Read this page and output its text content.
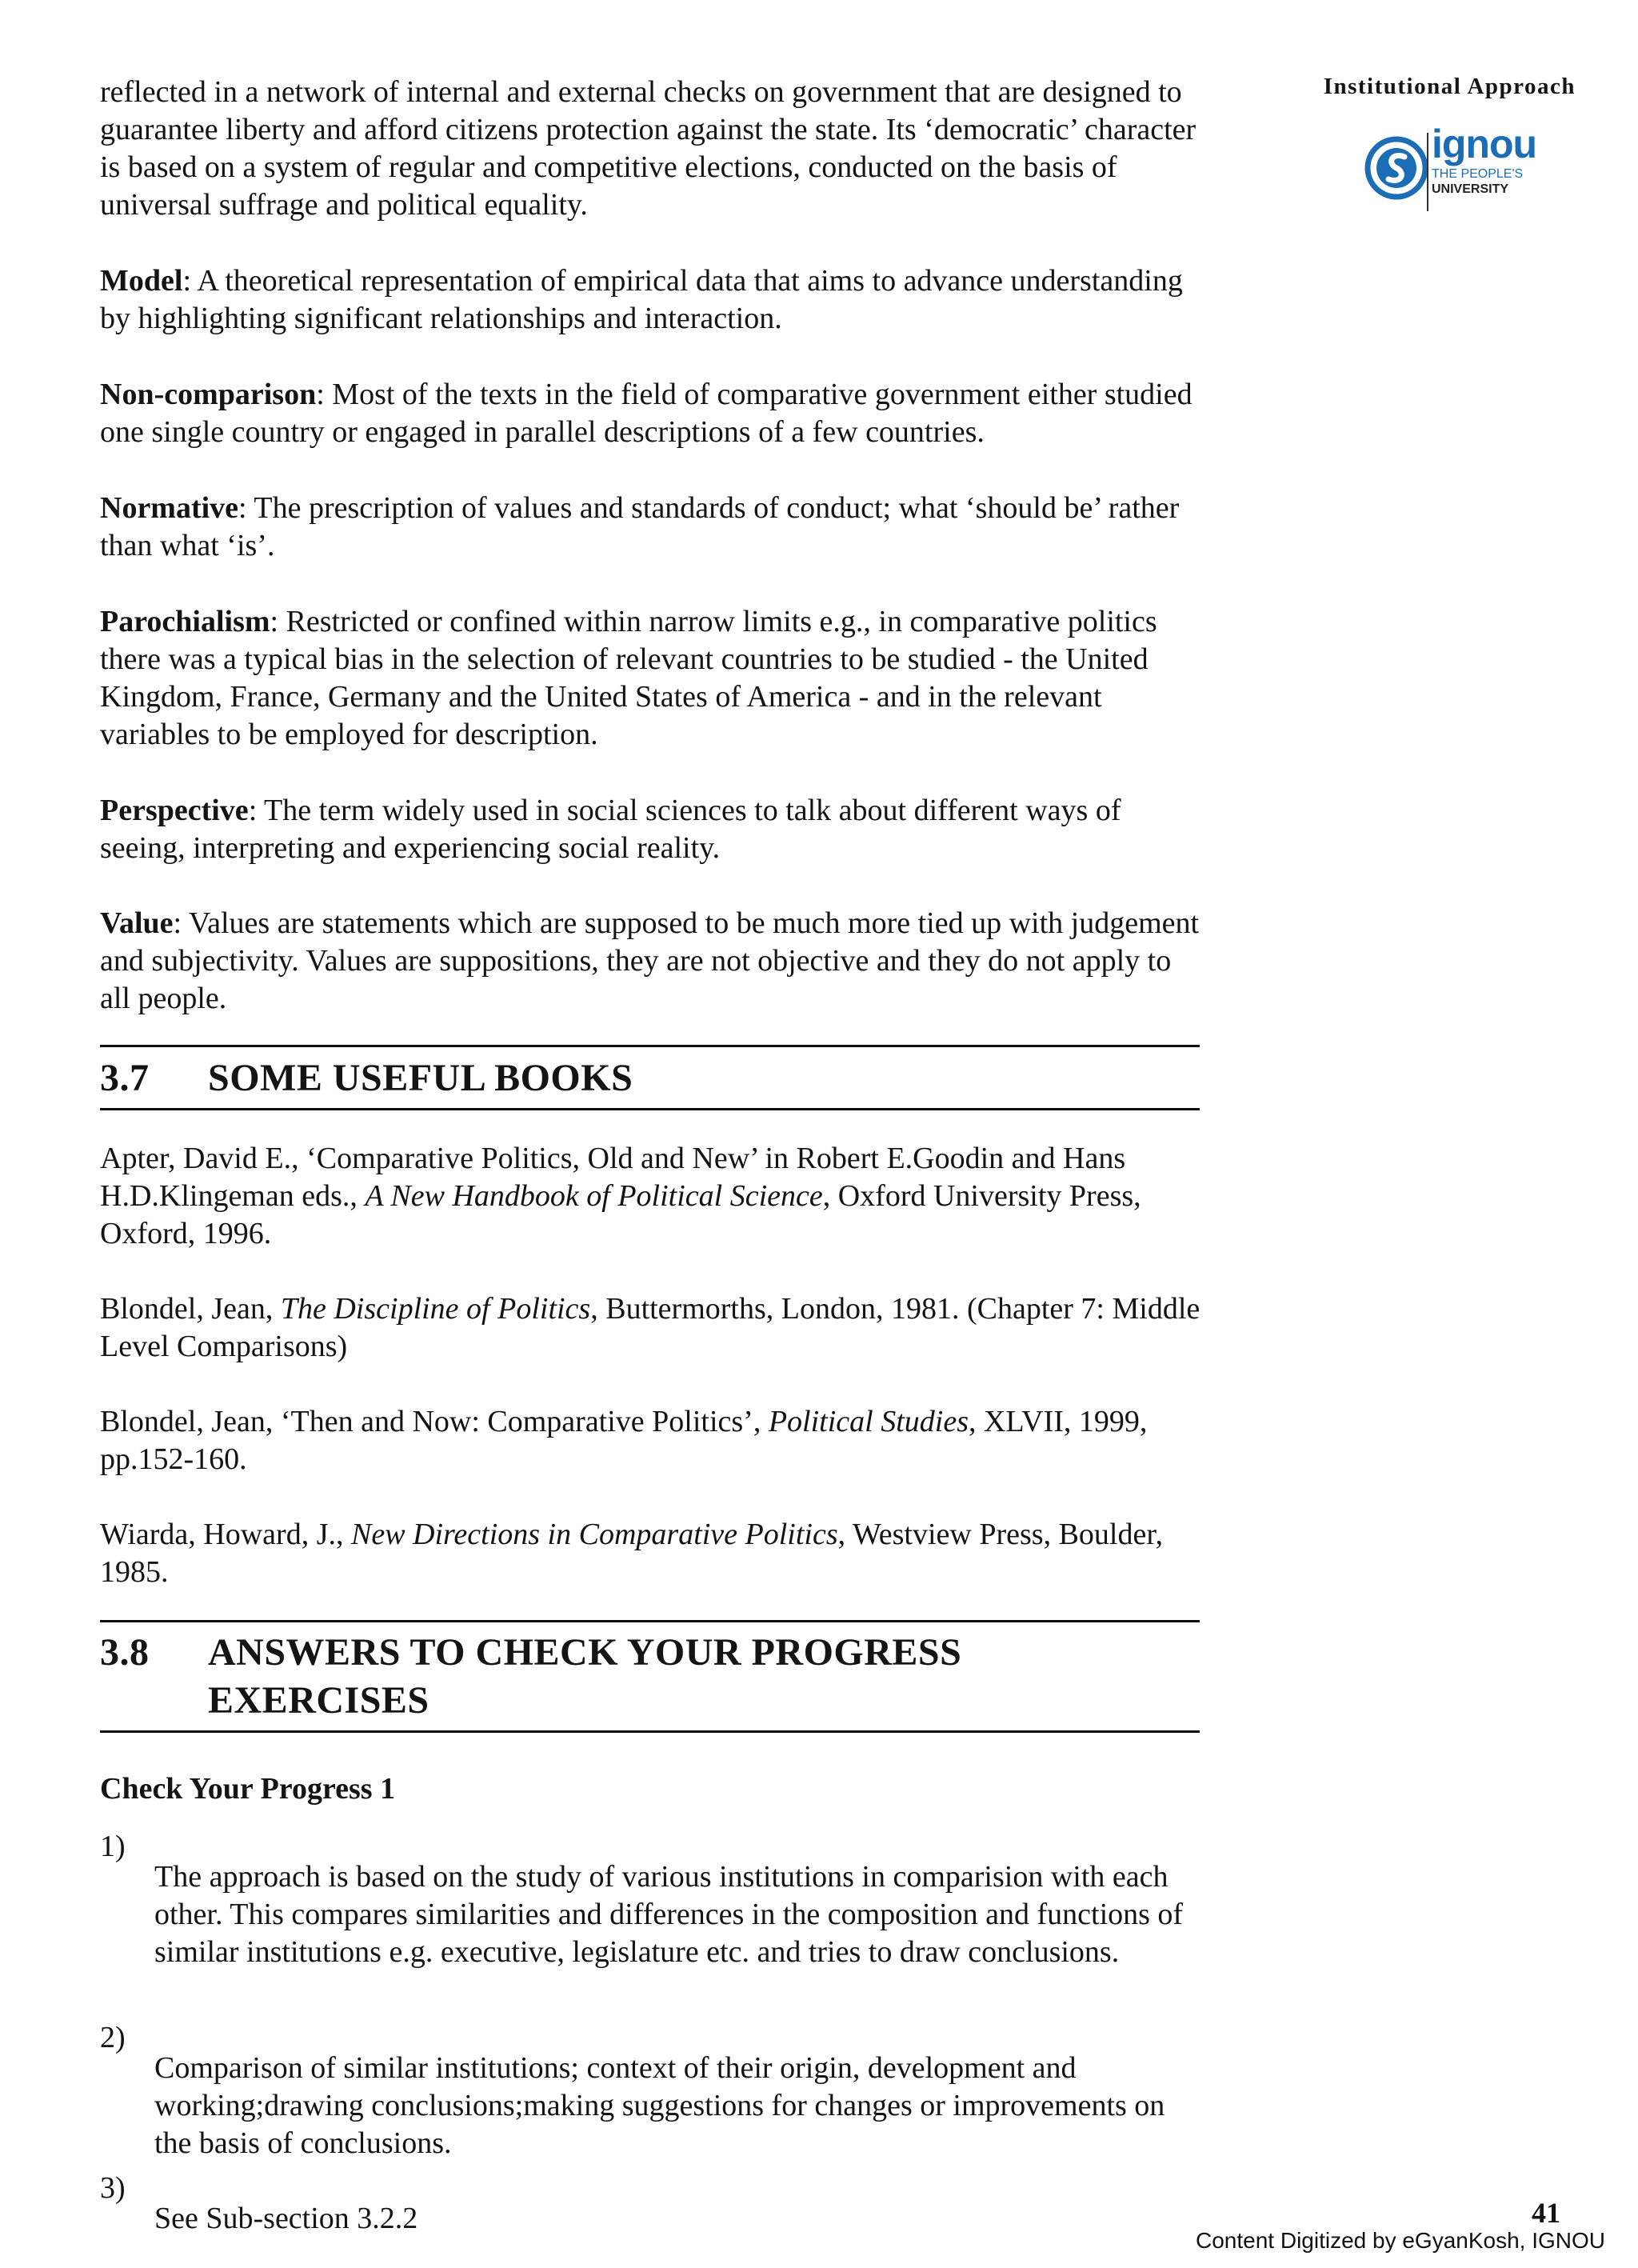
Institutional Approach
ignou
THE PEOPLE'S
UNIVERSITY

reflected in a network of internal and external checks on government that are designed to guarantee liberty and afford citizens protection against the state. Its ‘democratic’ character is based on a system of regular and competitive elections, conducted on the basis of universal suffrage and political equality.

Model: A theoretical representation of empirical data that aims to advance understanding by highlighting significant relationships and interaction.

Non-comparison: Most of the texts in the field of comparative government either studied one single country or engaged in parallel descriptions of a few countries.

Normative: The prescription of values and standards of conduct; what ‘should be’ rather than what ‘is’.

Parochialism: Restricted or confined within narrow limits e.g., in comparative politics there was a typical bias in the selection of relevant countries to be studied - the United Kingdom, France, Germany and the United States of America - and in the relevant variables to be employed for description.

Perspective: The term widely used in social sciences to talk about different ways of seeing, interpreting and experiencing social reality.

Value: Values are statements which are supposed to be much more tied up with judgement and subjectivity. Values are suppositions, they are not objective and they do not apply to all people.

3.7 SOME USEFUL BOOKS

Apter, David E., ‘Comparative Politics, Old and New’ in Robert E.Goodin and Hans H.D.Klingeman eds., A New Handbook of Political Science, Oxford University Press, Oxford, 1996.

Blondel, Jean, The Discipline of Politics, Buttermorths, London, 1981. (Chapter 7: Middle Level Comparisons)

Blondel, Jean, ‘Then and Now: Comparative Politics’, Political Studies, XLVII, 1999, pp.152-160.

Wiarda, Howard, J., New Directions in Comparative Politics, Westview Press, Boulder, 1985.

3.8 ANSWERS TO CHECK YOUR PROGRESS
EXERCISES
Check Your Progress 1
1)

The approach is based on the study of various institutions in comparision with each other. This compares similarities and differences in the composition and functions of similar institutions e.g. executive, legislature etc. and tries to draw conclusions.

2)

Comparison of similar institutions; context of their origin, development and working;drawing conclusions;making suggestions for changes or improvements on the basis of conclusions.

3)

See Sub-section 3.2.2	41
Content Digitized by eGyanKosh, IGNOU
